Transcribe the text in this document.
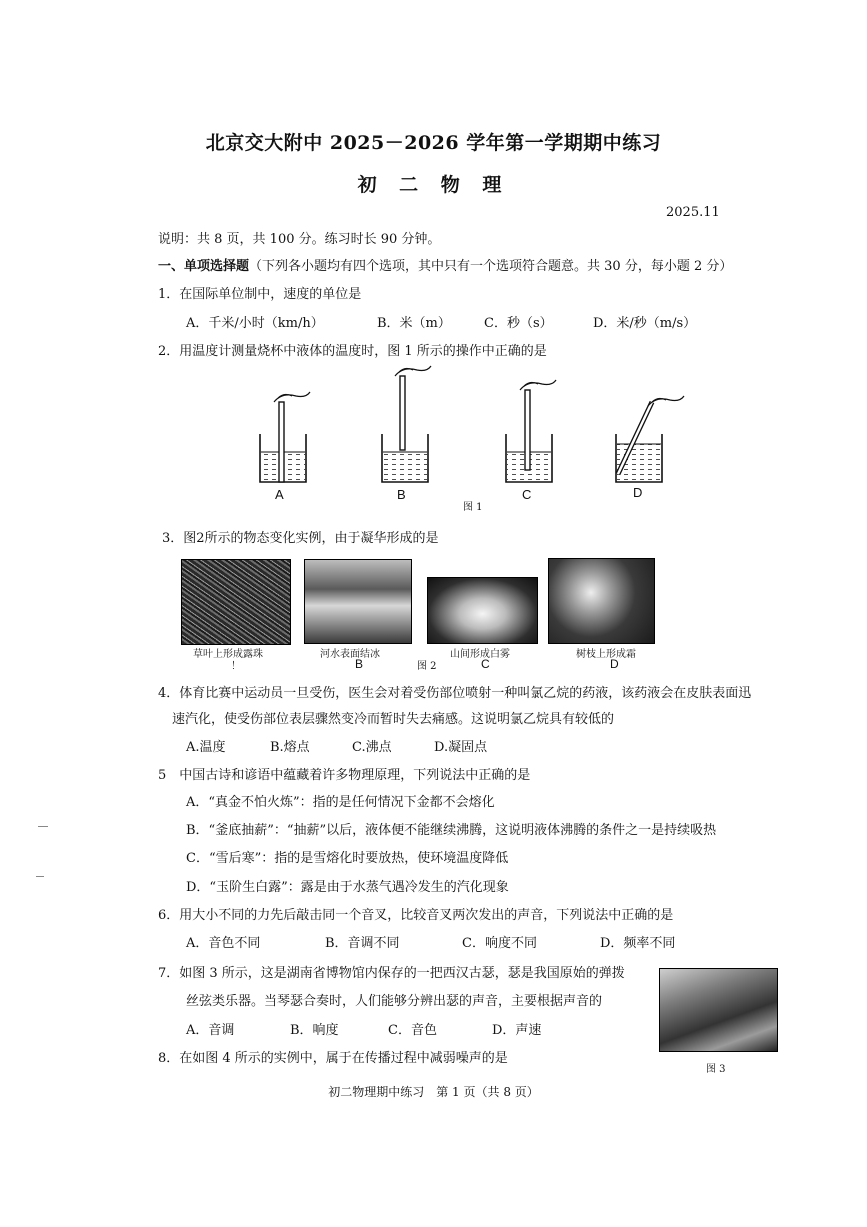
北京交大附中 2025－2026 学年第一学期期中练习
初 二 物 理
2025.11
说明：共 8 页，共 100 分。练习时长 90 分钟。
一、单项选择题（下列各小题均有四个选项，其中只有一个选项符合题意。共 30 分，每小题 2 分）
1．在国际单位制中，速度的单位是
A．千米/小时（km/h）	B．米（m）	C．秒（s）	D．米/秒（m/s）
2．用温度计测量烧杯中液体的温度时，图 1 所示的操作中正确的是
A	B	C	D
图 1
3．图2所示的物态变化实例，由于凝华形成的是
草叶上形成露珠	河水表面结冰	山间形成白雾	树枝上形成霜
！	B	C	D
图 2
4．体育比赛中运动员一旦受伤，医生会对着受伤部位喷射一种叫氯乙烷的药液，该药液会在皮肤表面迅
速汽化，使受伤部位表层骤然变冷而暂时失去痛感。这说明氯乙烷具有较低的
A.温度	B.熔点	C.沸点	D.凝固点
5　中国古诗和谚语中蕴藏着许多物理原理，下列说法中正确的是
A．“真金不怕火炼”：指的是任何情况下金都不会熔化
B．“釜底抽薪”：“抽薪”以后，液体便不能继续沸腾，这说明液体沸腾的条件之一是持续吸热
C．“雪后寒”：指的是雪熔化时要放热，使环境温度降低
D．“玉阶生白露”：露是由于水蒸气遇冷发生的汽化现象
6．用大小不同的力先后敲击同一个音叉，比较音叉两次发出的声音，下列说法中正确的是
A．音色不同	B．音调不同	C．响度不同	D．频率不同
7．如图 3 所示，这是湖南省博物馆内保存的一把西汉古瑟，瑟是我国原始的弹拨
丝弦类乐器。当琴瑟合奏时，人们能够分辨出瑟的声音，主要根据声音的
A．音调	B．响度	C．音色	D．声速
图 3
8．在如图 4 所示的实例中，属于在传播过程中减弱噪声的是
初二物理期中练习　第 1 页（共 8 页）
